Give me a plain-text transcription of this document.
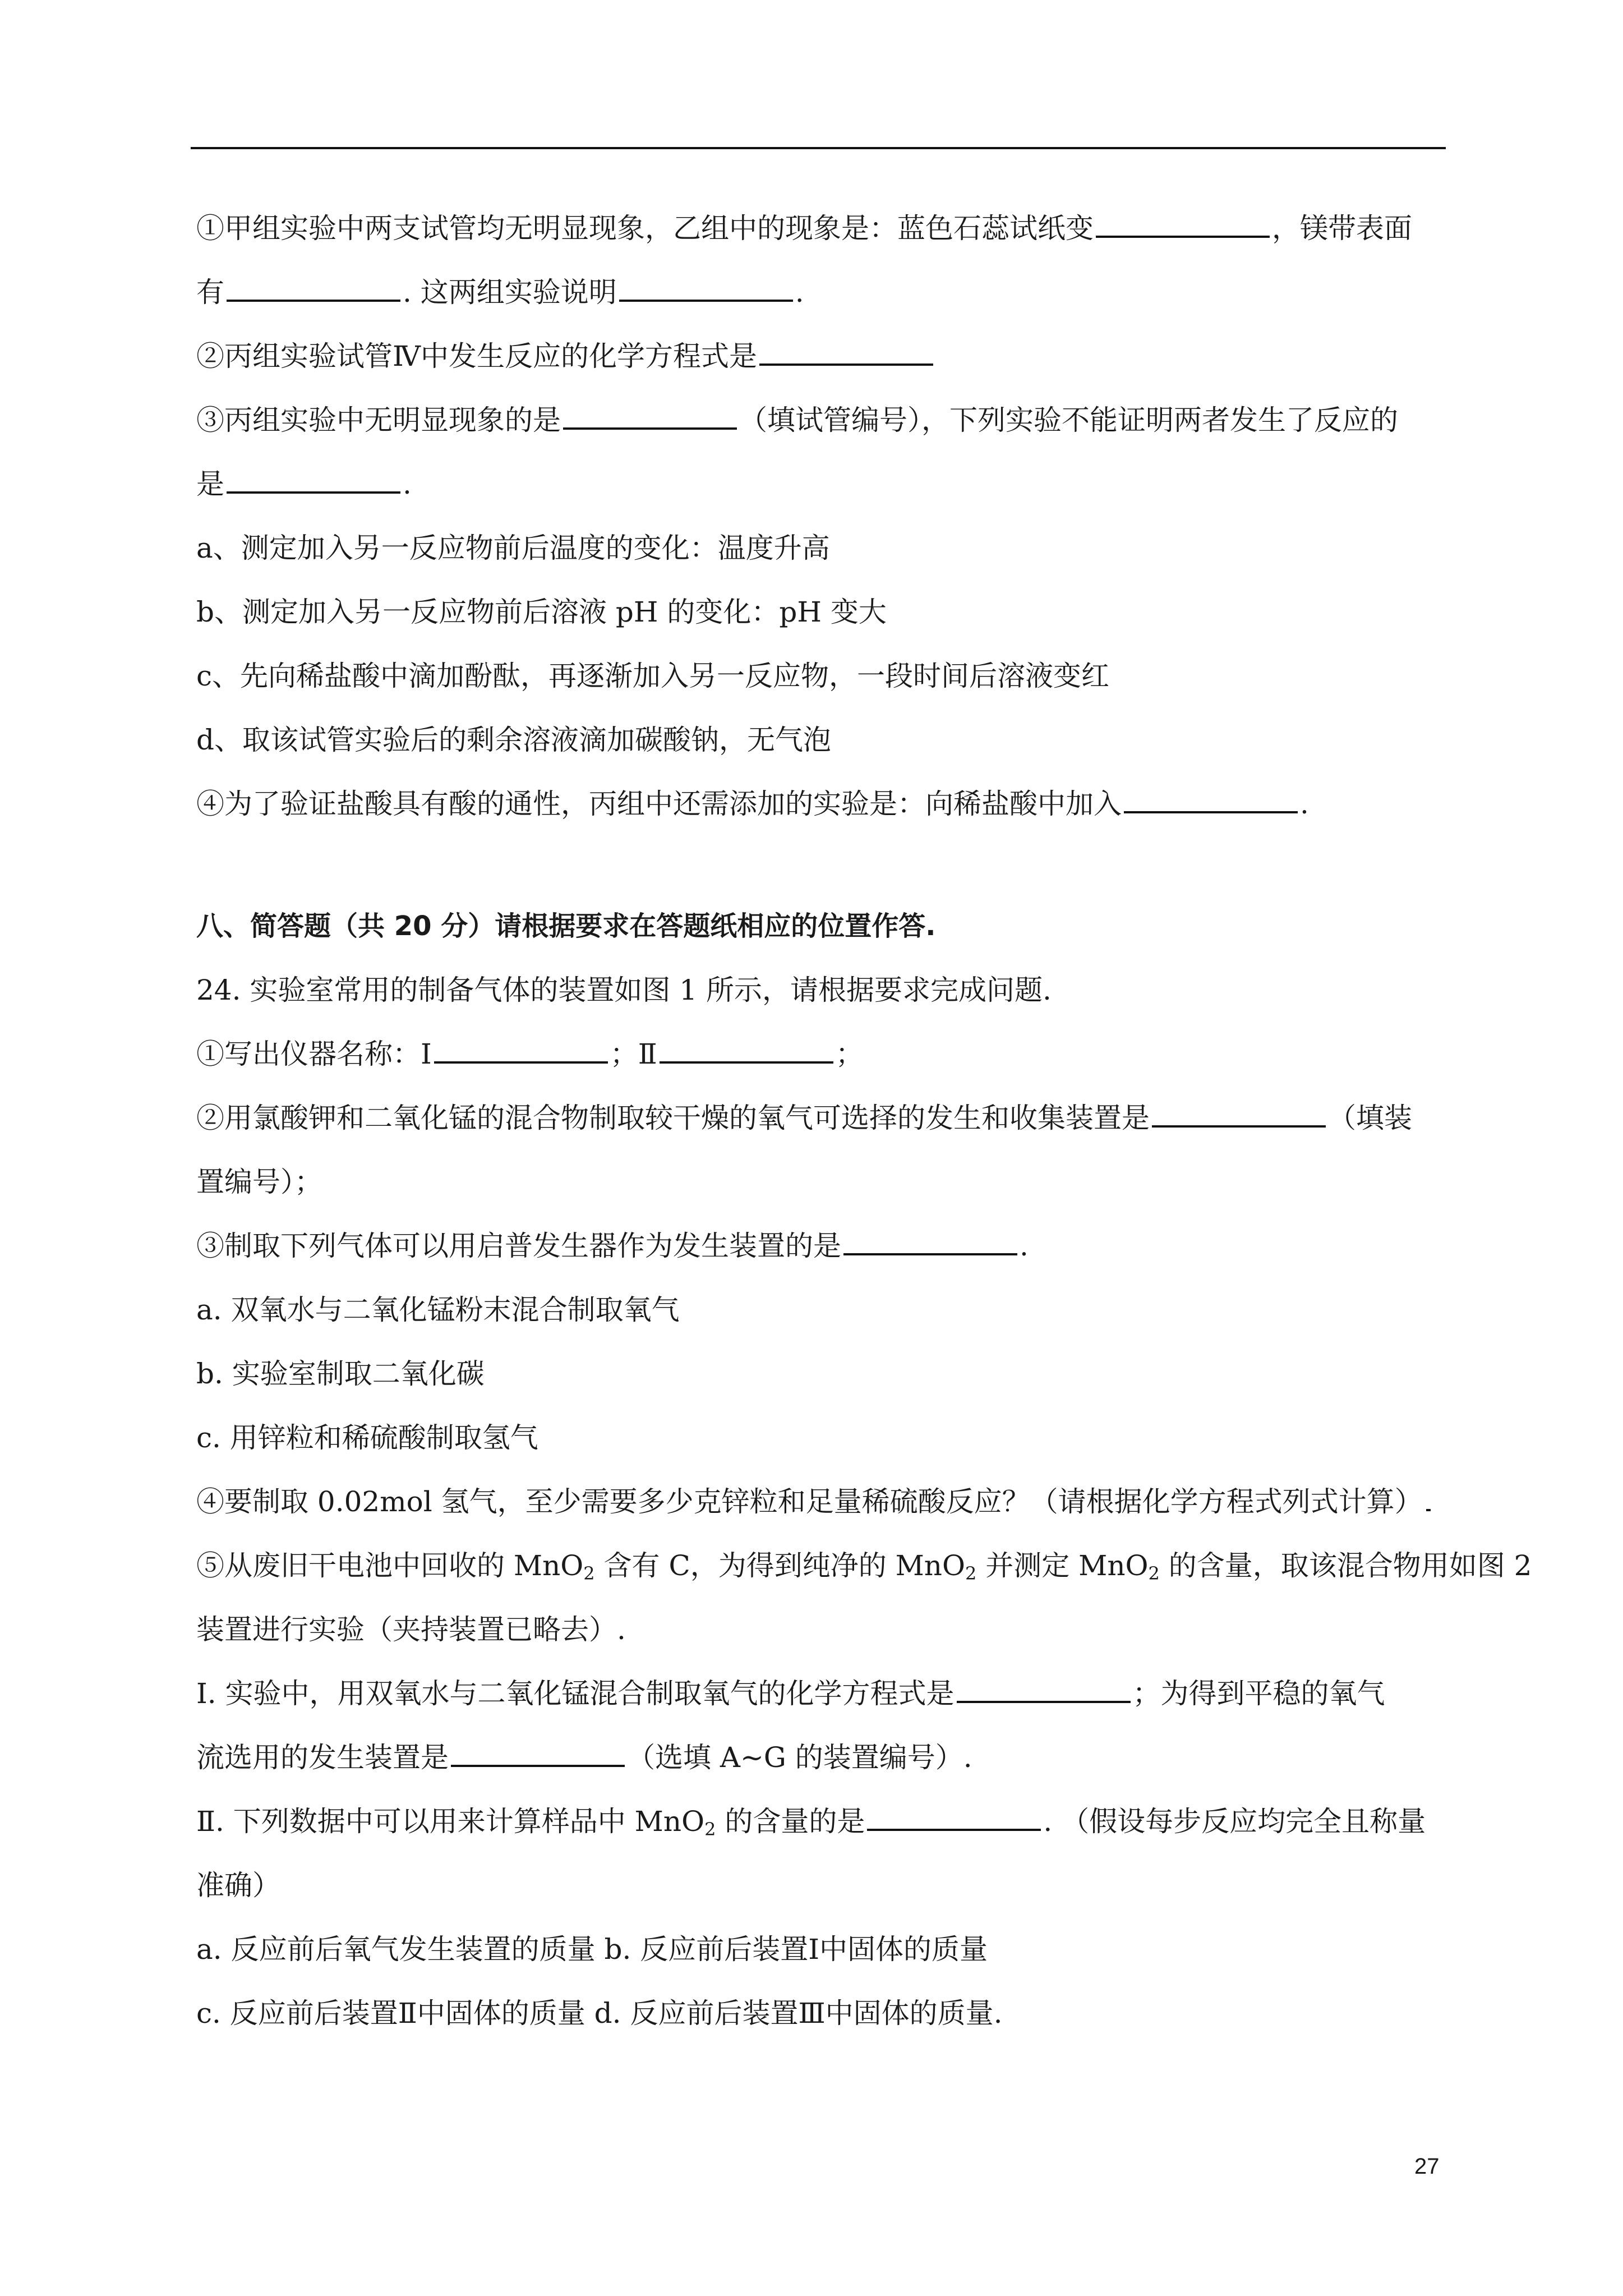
①甲组实验中两支试管均无明显现象，乙组中的现象是：蓝色石蕊试纸变	，镁带表面
有	. 这两组实验说明	.
②丙组实验试管Ⅳ中发生反应的化学方程式是
③丙组实验中无明显现象的是	（填试管编号），下列实验不能证明两者发生了反应的
是	.
a、测定加入另一反应物前后温度的变化：温度升高
b、测定加入另一反应物前后溶液 pH 的变化：pH 变大
c、先向稀盐酸中滴加酚酞，再逐渐加入另一反应物，一段时间后溶液变红
d、取该试管实验后的剩余溶液滴加碳酸钠，无气泡
④为了验证盐酸具有酸的通性，丙组中还需添加的实验是：向稀盐酸中加入	.
八、简答题（共 20 分）请根据要求在答题纸相应的位置作答.
24. 实验室常用的制备气体的装置如图 1 所示，请根据要求完成问题.
①写出仪器名称：Ⅰ	；Ⅱ	；
②用氯酸钾和二氧化锰的混合物制取较干燥的氧气可选择的发生和收集装置是	（填装
置编号）；
③制取下列气体可以用启普发生器作为发生装置的是	.
a. 双氧水与二氧化锰粉末混合制取氧气
b. 实验室制取二氧化碳
c. 用锌粒和稀硫酸制取氢气
④要制取 0.02mol 氢气，至少需要多少克锌粒和足量稀硫酸反应？（请根据化学方程式列式计算）
⑤从废旧干电池中回收的 MnO$_2$ 含有 C，为得到纯净的 MnO$_2$ 并测定 MnO$_2$ 的含量，取该混合物用如图 2
装置进行实验（夹持装置已略去）.
Ⅰ. 实验中，用双氧水与二氧化锰混合制取氧气的化学方程式是	；为得到平稳的氧气
流选用的发生装置是	（选填 A~G 的装置编号）.
Ⅱ. 下列数据中可以用来计算样品中 MnO$_2$ 的含量的是	. （假设每步反应均完全且称量
准确）
a. 反应前后氧气发生装置的质量 b. 反应前后装置Ⅰ中固体的质量
c. 反应前后装置Ⅱ中固体的质量 d. 反应前后装置Ⅲ中固体的质量.
27
